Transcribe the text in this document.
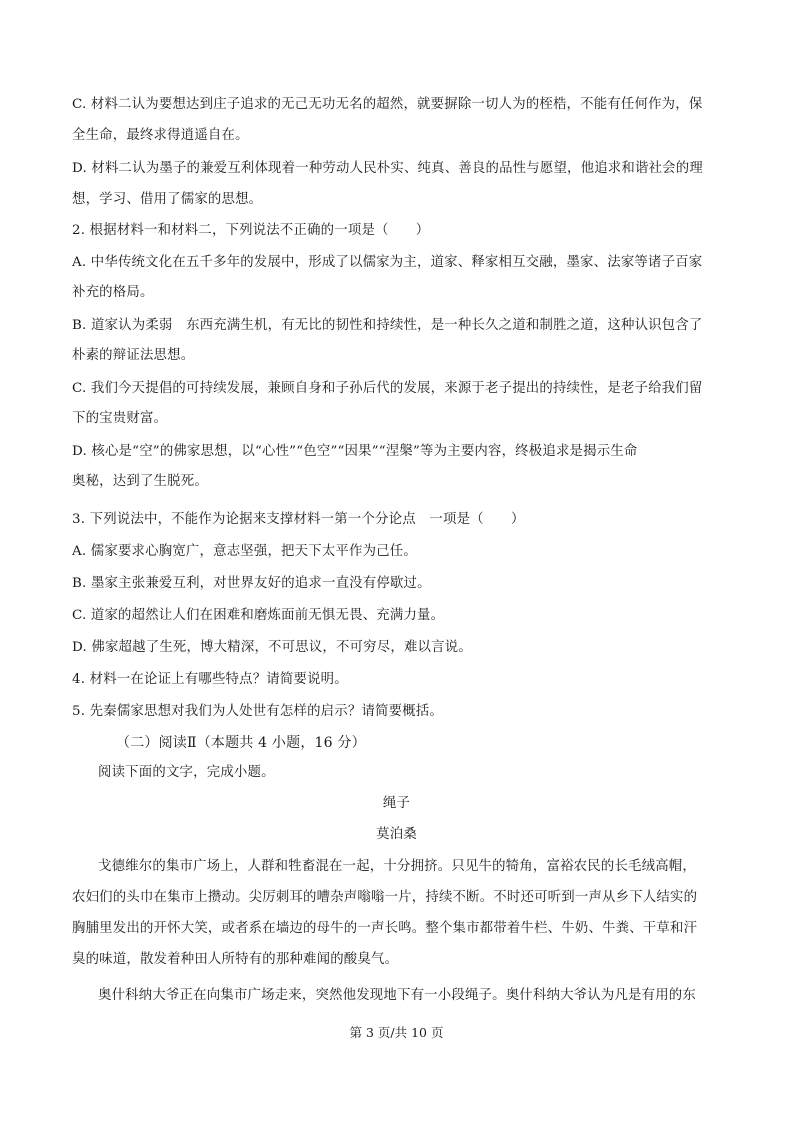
C. 材料二认为要想达到庄子追求的无己无功无名的超然，就要摒除一切人为的桎梏，不能有任何作为，保
全生命，最终求得逍遥自在。
D. 材料二认为墨子的兼爱互利体现着一种劳动人民朴实、纯真、善良的品性与愿望，他追求和谐社会的理
想，学习、借用了儒家的思想。
2. 根据材料一和材料二，下列说法不正确的一项是（　　）
A. 中华传统文化在五千多年的发展中，形成了以儒家为主，道家、释家相互交融，墨家、法家等诸子百家
补充的格局。
B. 道家认为柔弱　东西充满生机，有无比的韧性和持续性，是一种长久之道和制胜之道，这种认识包含了
朴素的辩证法思想。
C. 我们今天提倡的可持续发展，兼顾自身和子孙后代的发展，来源于老子提出的持续性，是老子给我们留
下的宝贵财富。
D. 核心是“空”的佛家思想，以“心性”“色空”“因果”“涅槃”等为主要内容，终极追求是揭示生命
奥秘，达到了生脱死。
3. 下列说法中，不能作为论据来支撑材料一第一个分论点　一项是（　　）
A. 儒家要求心胸宽广，意志坚强，把天下太平作为己任。
B. 墨家主张兼爱互利，对世界友好的追求一直没有停歇过。
C. 道家的超然让人们在困难和磨炼面前无惧无畏、充满力量。
D. 佛家超越了生死，博大精深，不可思议，不可穷尽，难以言说。
4. 材料一在论证上有哪些特点？请简要说明。
5. 先秦儒家思想对我们为人处世有怎样的启示？请简要概括。
（二）阅读Ⅱ（本题共 4 小题，16 分）
阅读下面的文字，完成小题。
绳子
莫泊桑
戈德维尔的集市广场上，人群和牲畜混在一起，十分拥挤。只见牛的犄角，富裕农民的长毛绒高帽，
农妇们的头巾在集市上攒动。尖厉刺耳的嘈杂声嗡嗡一片，持续不断。不时还可听到一声从乡下人结实的
胸脯里发出的开怀大笑，或者系在墙边的母牛的一声长鸣。整个集市都带着牛栏、牛奶、牛粪、干草和汗
臭的味道，散发着种田人所特有的那种难闻的酸臭气。
奥什科纳大爷正在向集市广场走来，突然他发现地下有一小段绳子。奥什科纳大爷认为凡是有用的东
第 3 页/共 10 页
